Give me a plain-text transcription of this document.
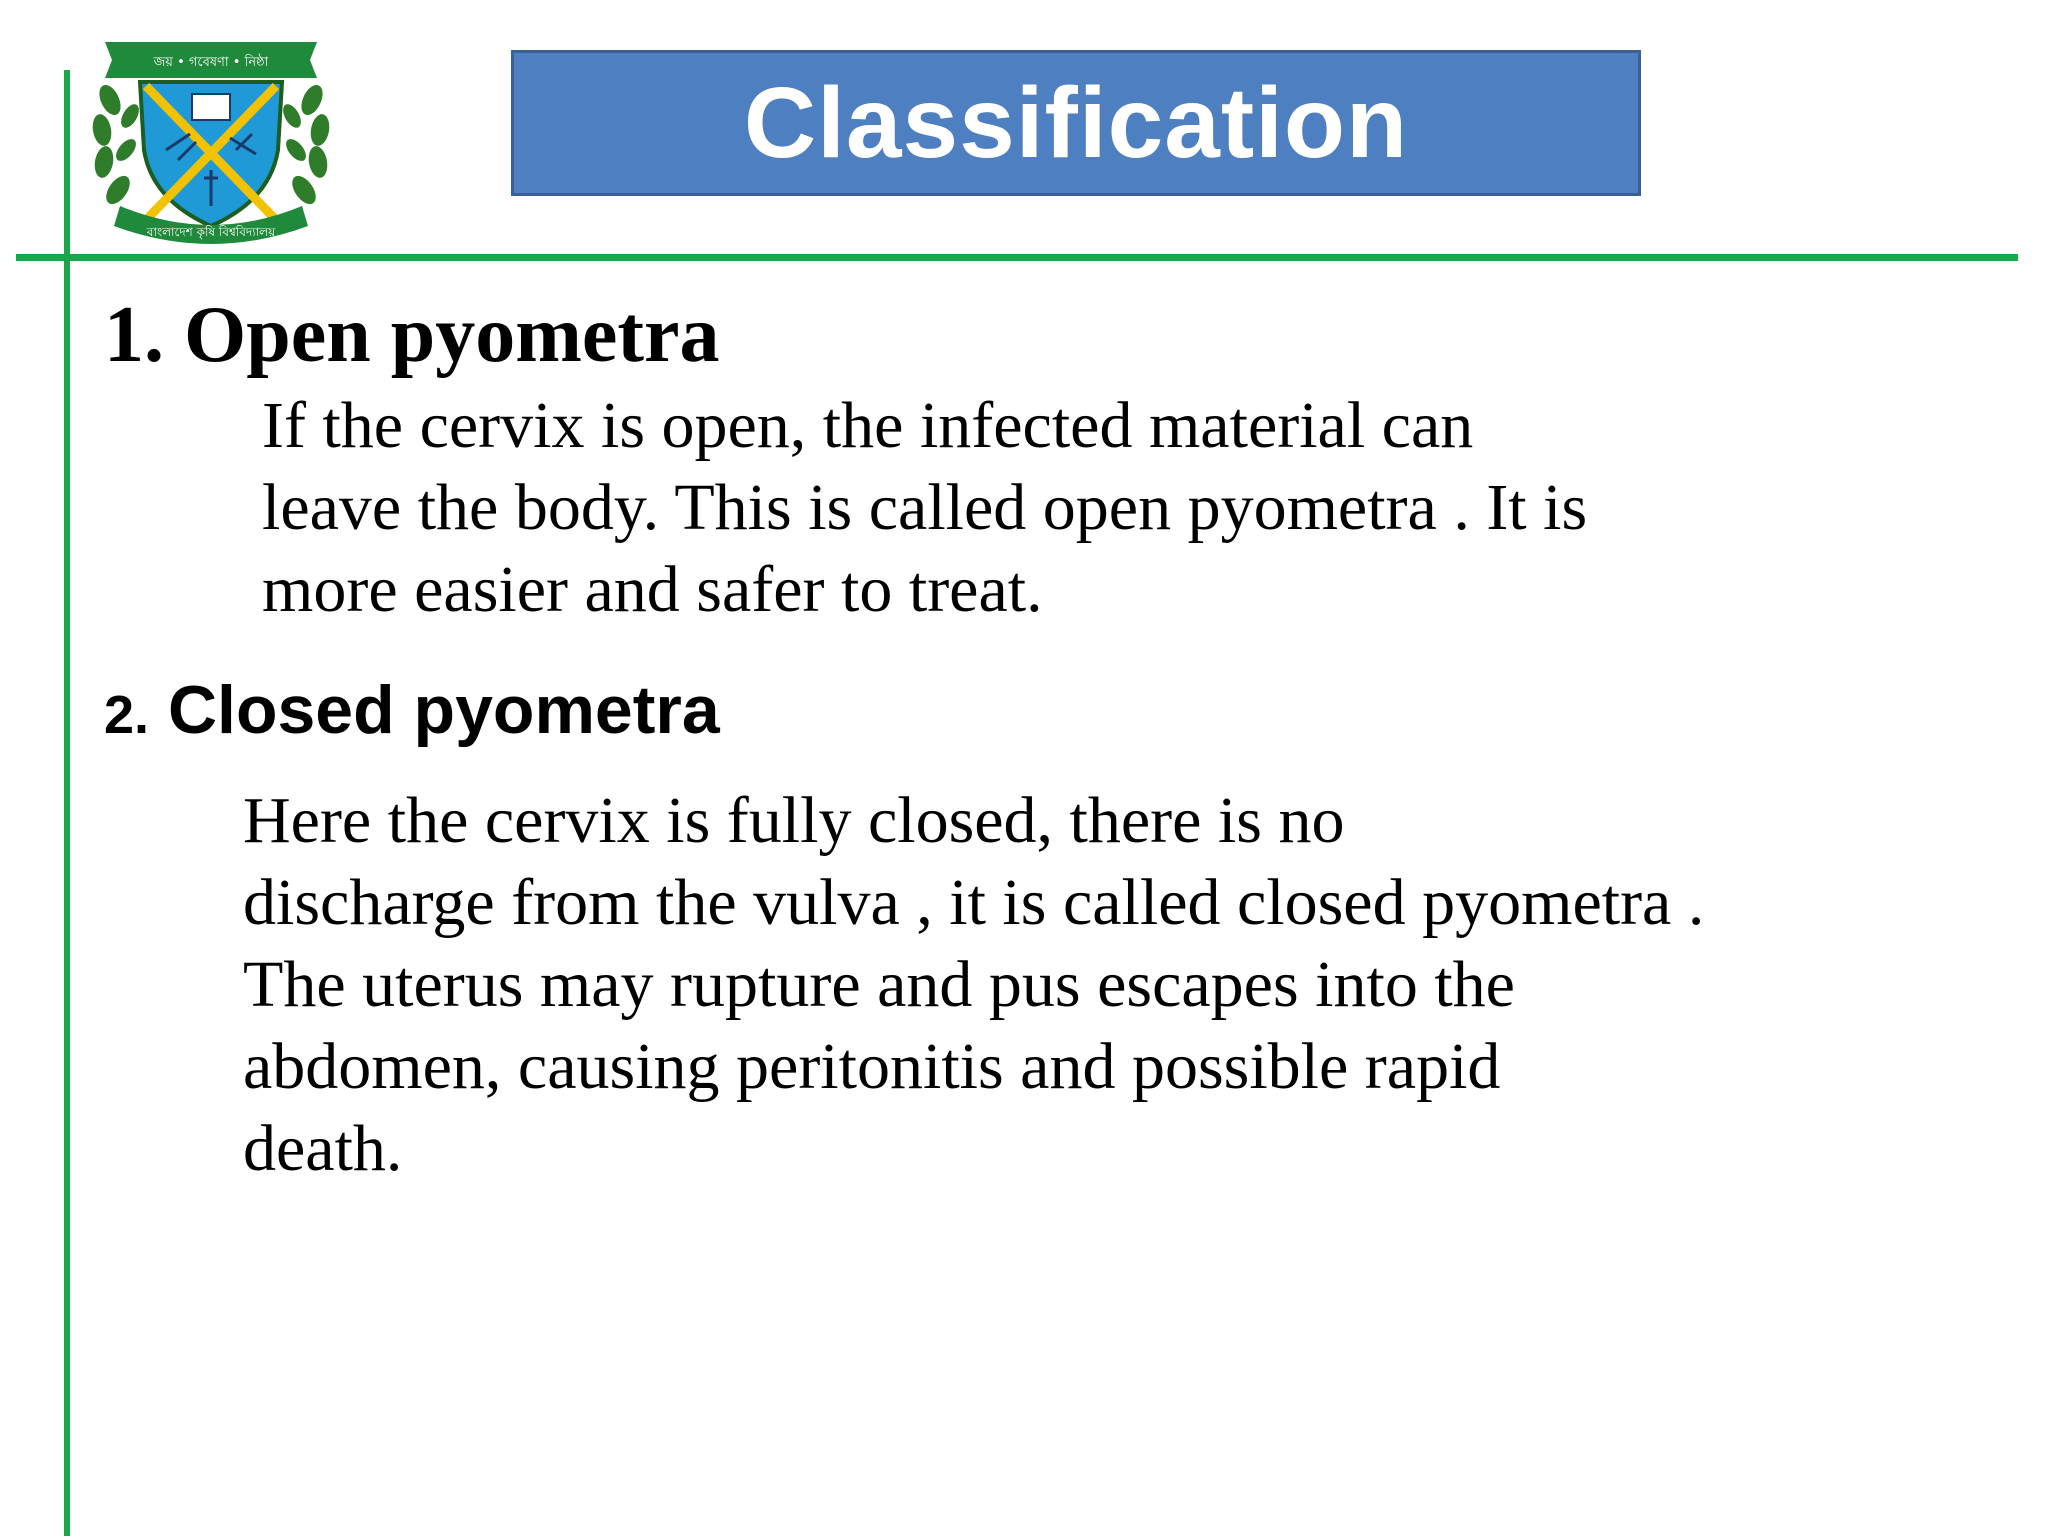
জয় • গবেষণা • নিষ্ঠা
বাংলাদেশ কৃষি বিশ্ববিদ্যালয়
Classification
1. Open pyometra
If the cervix is open, the infected material can
leave the body. This is called open pyometra . It is
more easier and safer to treat.
2. Closed pyometra
Here the cervix is fully closed, there is no
discharge from the vulva , it is called closed pyometra .
The uterus may rupture and pus escapes into the
abdomen, causing peritonitis and possible rapid
death.
